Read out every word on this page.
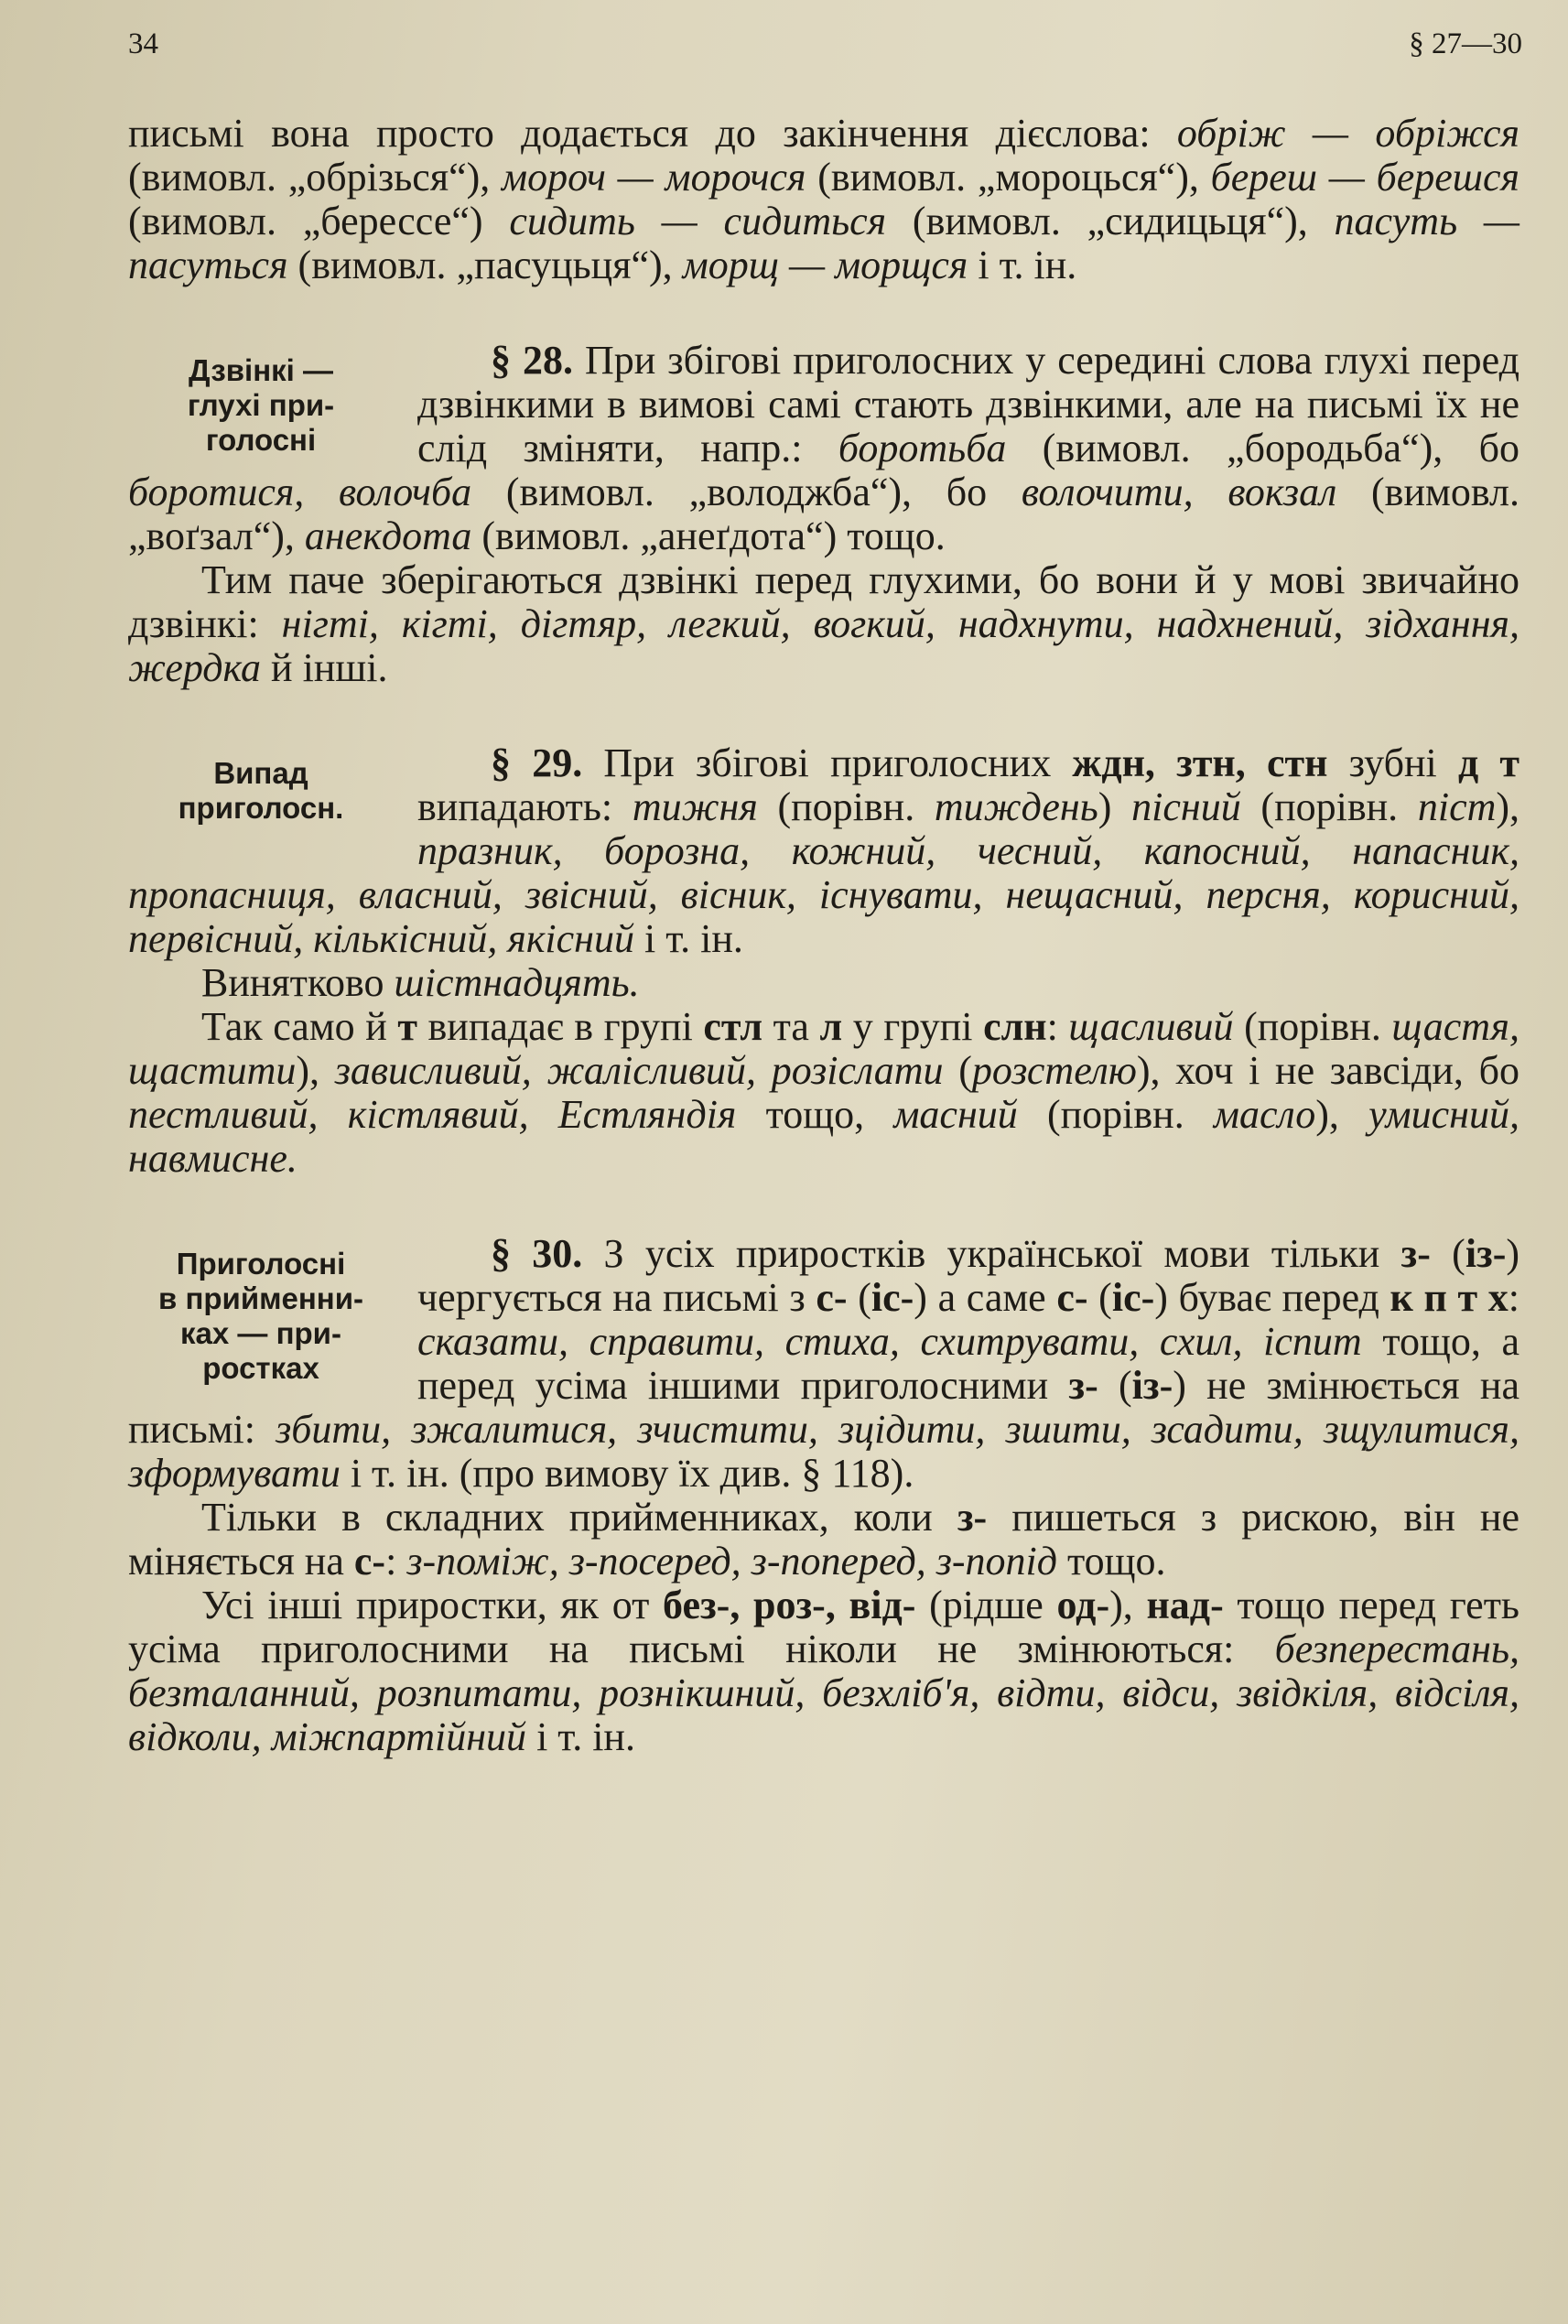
34	§ 27—30

письмі вона просто додається до закінчення дієслова: обріж — обріжся (вимовл. „обрізься“), мороч — морочся (вимовл. „мороцься“), береш — берешся (вимовл. „берессе“) сидить — сидиться (вимовл. „сидицьця“), пасуть — пасуться (вимовл. „пасуцьця“), морщ — морщся і т. ін.

Дзвінкі —
глухі при-
голосні

§ 28. При збігові приголосних у середині слова глухі перед дзвінкими в вимові самі стають дзвінкими, але на письмі їх не слід зміняти, напр.: боротьба (вимовл. „бородьба“), бо боротися, волочба (вимовл. „володжба“), бо волочити, вокзал (вимовл. „воґзал“), анекдота (вимовл. „анеґдота“) тощо.

Тим паче зберігаються дзвінкі перед глухими, бо вони й у мові звичайно дзвінкі: нігті, кігті, дігтяр, легкий, вогкий, надхнути, надхнений, зідхання, жердка й інші.

Випад
приголосн.

§ 29. При збігові приголосних ждн, зтн, стн зубні д т випадають: тижня (порівн. тиждень) пісний (порівн. піст), празник, борозна, кожний, чесний, капосний, напасник, пропасниця, власний, звісний, вісник, існувати, нещасний, персня, корисний, первісний, кількісний, якісний і т. ін.

Винятково шістнадцять.

Так само й т випадає в групі стл та л у групі слн: щасливий (порівн. щастя, щастити), зависливий, жалісливий, розіслати (розстелю), хоч і не завсіди, бо пестливий, кістлявий, Естляндія тощо, масний (порівн. масло), умисний, навмисне.

Приголосні
в прийменни-
ках — при-
ростках

§ 30. З усіх приростків української мови тільки з- (із-) чергується на письмі з с- (іс-) а саме с- (іс-) буває перед к п т х: сказати, справити, стиха, схитрувати, схил, іспит тощо, а перед усіма іншими приголосними з- (із-) не змінюється на письмі: збити, зжалитися, зчистити, зцідити, зшити, зсадити, зщулитися, зформувати і т. ін. (про вимову їх див. § 118).

Тільки в складних прийменниках, коли з- пишеться з рискою, він не міняється на с-: з-поміж, з-посеред, з-попеpед, з-попід тощо.

Усі інші приростки, як от без-, роз-, від- (рідше од-), над- тощо перед геть усіма приголосними на письмі ніколи не змінюються: безперестань, безталанний, розпитати, рознікшний, безхліб'я, відти, відси, звідкіля, відсіля, відколи, міжпартійний і т. ін.
